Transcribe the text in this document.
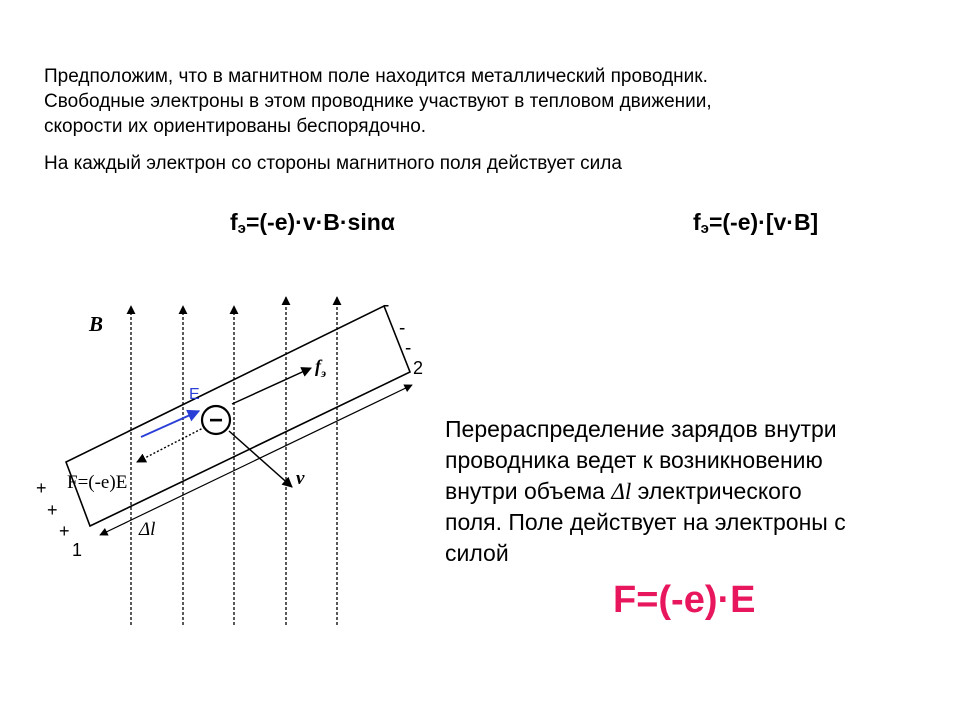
Предположим, что в магнитном поле находится металлический проводник.
Свободные электроны в этом проводнике участвуют в тепловом движении,
скорости их ориентированы беспорядочно.

На каждый электрон со стороны магнитного поля действует сила

fэ=(-e)·v·B·sinα	fэ=(-e)·[v·B]
−
B
E
$f_э$
v
F=(-e)E
Δl
1
2
-
-
-
+
+
+
Перераспределение зарядов внутри
проводника ведет к возникновению
внутри объема Δl электрического
поля. Поле действует на электроны с
силой
F=(-e)·E
